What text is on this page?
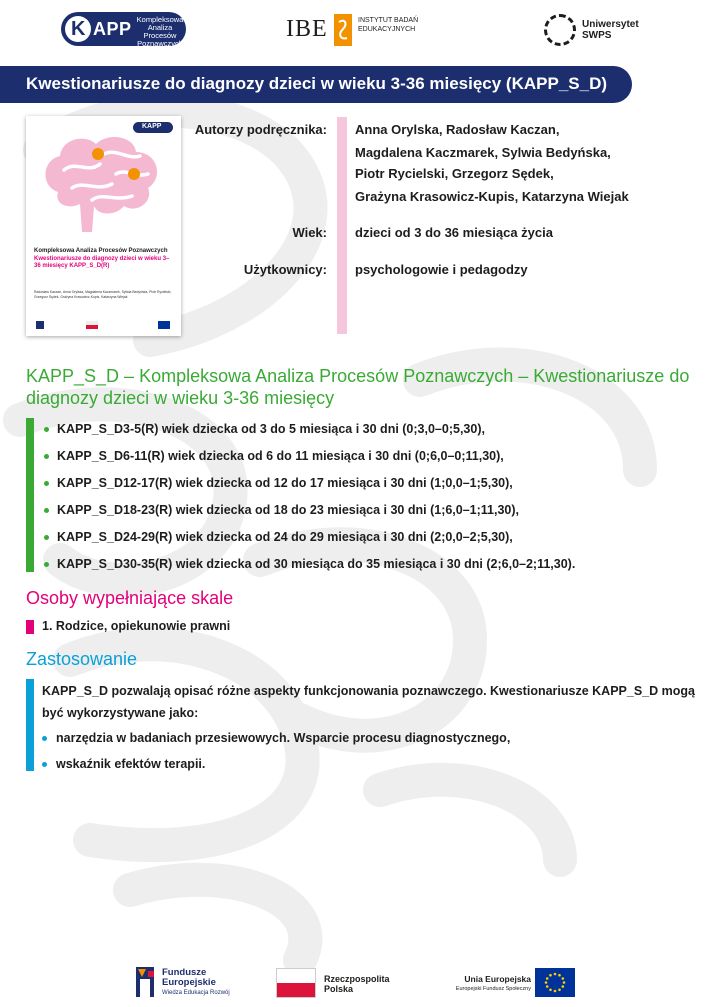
K APP Kompleksowa Analiza Procesów Poznawczych
IBE	INSTYTUT BADAŃ EDUKACYJNYCH	Uniwersytet SWPS
Kwestionariusze do diagnozy dzieci w wieku 3-36 miesięcy (KAPP_S_D)
KAPP
Kompleksowa Analiza Procesów Poznawczych
Kwestionariusze do diagnozy dzieci w wieku 3–36 miesięcy KAPP_S_D(R)
Radosław Kaczan, Anna Orylska, Magdalena Kaczmarek, Sylwia Bedyńska, Piotr Rycielski, Grzegorz Sędek, Grażyna Krasowicz-Kupis, Katarzyna Wiejak
Autorzy podręcznika: Anna Orylska, Radosław Kaczan,
Magdalena Kaczmarek, Sylwia Bedyńska,
Piotr Rycielski, Grzegorz Sędek,
Grażyna Krasowicz-Kupis, Katarzyna Wiejak
Wiek: dzieci od 3 do 36 miesiąca życia
Użytkownicy: psychologowie i pedagodzy
KAPP_S_D – Kompleksowa Analiza Procesów Poznawczych – Kwestionariusze do diagnozy dzieci w wieku 3-36 miesięcy
KAPP_S_D3-5(R) wiek dziecka od 3 do 5 miesiąca i 30 dni (0;3,0–0;5,30),
KAPP_S_D6-11(R) wiek dziecka od 6 do 11 miesiąca i 30 dni (0;6,0–0;11,30),
KAPP_S_D12-17(R) wiek dziecka od 12 do 17 miesiąca i 30 dni (1;0,0–1;5,30),
KAPP_S_D18-23(R) wiek dziecka od 18 do 23 miesiąca i 30 dni (1;6,0–1;11,30),
KAPP_S_D24-29(R) wiek dziecka od 24 do 29 miesiąca i 30 dni (2;0,0–2;5,30),
KAPP_S_D30-35(R) wiek dziecka od 30 miesiąca do 35 miesiąca i 30 dni (2;6,0–2;11,30).
Osoby wypełniające skale
1. Rodzice, opiekunowie prawni
Zastosowanie

KAPP_S_D pozwalają opisać różne aspekty funkcjonowania poznawczego. Kwestionariusze KAPP_S_D mogą być wykorzystywane jako:

narzędzia w badaniach przesiewowych. Wsparcie procesu diagnostycznego,
wskaźnik efektów terapii.
Fundusze Europejskie
Wiedza Edukacja Rozwój
Rzeczpospolita Polska
Unia Europejska
Europejski Fundusz Społeczny
